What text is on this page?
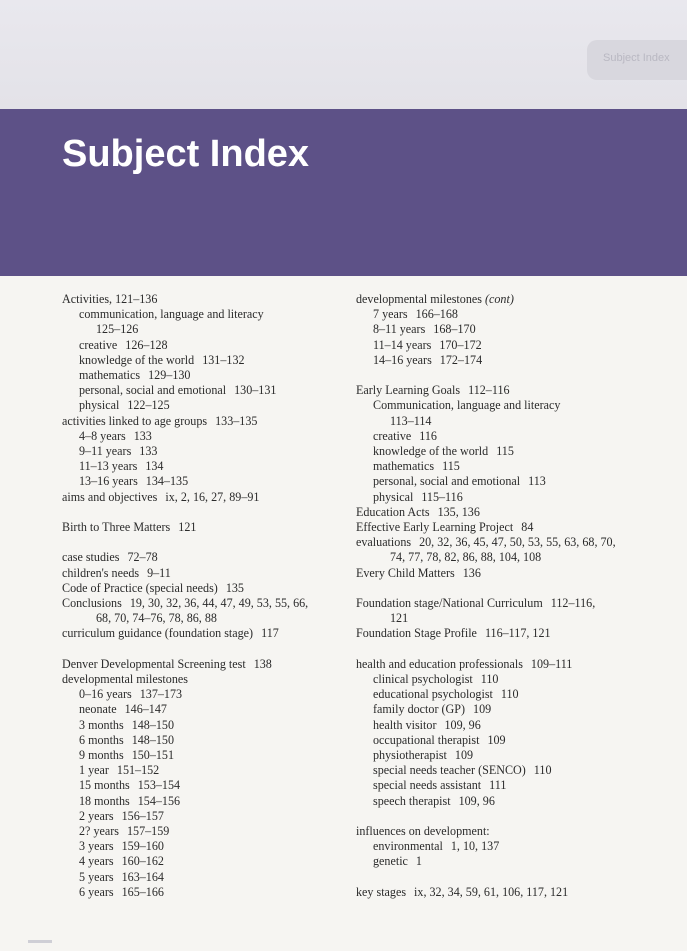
Subject Index
Subject Index
Activities, 121–136
communication, language and literacy
125–126
creative 126–128
knowledge of the world 131–132
mathematics 129–130
personal, social and emotional 130–131
physical 122–125
activities linked to age groups 133–135
4–8 years 133
9–11 years 133
11–13 years 134
13–16 years 134–135
aims and objectives ix, 2, 16, 27, 89–91
Birth to Three Matters 121
case studies 72–78
children's needs 9–11
Code of Practice (special needs) 135
Conclusions 19, 30, 32, 36, 44, 47, 49, 53, 55, 66,
68, 70, 74–76, 78, 86, 88
curriculum guidance (foundation stage) 117
Denver Developmental Screening test 138
developmental milestones
0–16 years 137–173
neonate 146–147
3 months 148–150
6 months 148–150
9 months 150–151
1 year 151–152
15 months 153–154
18 months 154–156
2 years 156–157
2? years 157–159
3 years 159–160
4 years 160–162
5 years 163–164
6 years 165–166
developmental milestones (cont)
7 years 166–168
8–11 years 168–170
11–14 years 170–172
14–16 years 172–174
Early Learning Goals 112–116
Communication, language and literacy
113–114
creative 116
knowledge of the world 115
mathematics 115
personal, social and emotional 113
physical 115–116
Education Acts 135, 136
Effective Early Learning Project 84
evaluations 20, 32, 36, 45, 47, 50, 53, 55, 63, 68, 70,
74, 77, 78, 82, 86, 88, 104, 108
Every Child Matters 136
Foundation stage/National Curriculum 112–116,
121
Foundation Stage Profile 116–117, 121
health and education professionals 109–111
clinical psychologist 110
educational psychologist 110
family doctor (GP) 109
health visitor 109, 96
occupational therapist 109
physiotherapist 109
special needs teacher (SENCO) 110
special needs assistant 111
speech therapist 109, 96
influences on development:
environmental 1, 10, 137
genetic 1
key stages ix, 32, 34, 59, 61, 106, 117, 121
